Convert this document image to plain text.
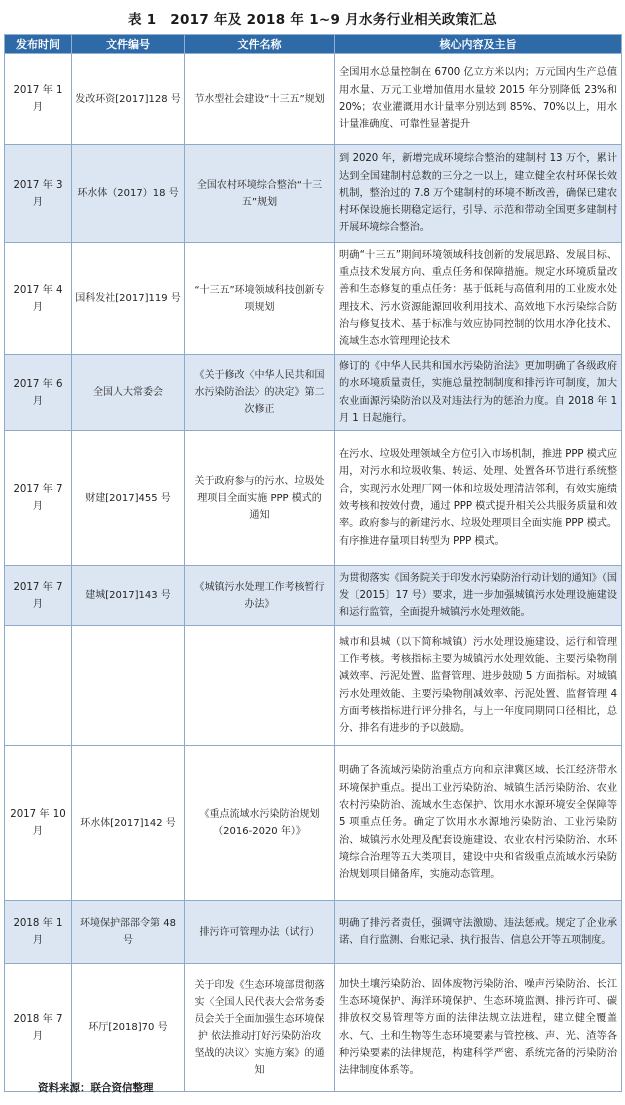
表 1　2017 年及 2018 年 1~9 月水务行业相关政策汇总
发布时间	文件编号	文件名称	核心内容及主旨
2017 年 1 月	发改环资[2017]128 号	节水型社会建设“十三五”规划	全国用水总量控制在 6700 亿立方米以内；万元国内生产总值用水量、万元工业增加值用水量较 2015 年分别降低 23%和 20%；农业灌溉用水计量率分别达到 85%、70%以上，用水计量准确度、可靠性显著提升
2017 年 3 月	环水体（2017）18 号	全国农村环境综合整治“十三五”规划	到 2020 年，新增完成环境综合整治的建制村 13 万个，累计达到全国建制村总数的三分之一以上，建立健全农村环保长效机制，整治过的 7.8 万个建制村的环境不断改善，确保已建农村环保设施长期稳定运行，引导、示范和带动全国更多建制村开展环境综合整治。
2017 年 4 月	国科发社[2017]119 号	“十三五”环境领域科技创新专项规划	明确“十三五”期间环境领域科技创新的发展思路、发展目标、重点技术发展方向、重点任务和保障措施。规定水环境质量改善和生态修复的重点任务：基于低耗与高值利用的工业废水处理技术、污水资源能源回收利用技术、高效地下水污染综合防治与修复技术、基于标准与效应协同控制的饮用水净化技术、流域生态水管理理论技术
2017 年 6 月	全国人大常委会	《关于修改〈中华人民共和国水污染防治法〉的决定》第二次修正	修订的《中华人民共和国水污染防治法》更加明确了各级政府的水环境质量责任，实施总量控制制度和排污许可制度，加大农业面源污染防治以及对违法行为的惩治力度。自 2018 年 1 月 1 日起施行。
2017 年 7 月	财建[2017]455 号	关于政府参与的污水、垃圾处理项目全面实施 PPP 模式的通知	在污水、垃圾处理领域全方位引入市场机制，推进 PPP 模式应用，对污水和垃圾收集、转运、处理、处置各环节进行系统整合，实现污水处理厂网一体和垃圾处理清洁邻利，有效实施绩效考核和按效付费，通过 PPP 模式提升相关公共服务质量和效率。政府参与的新建污水、垃圾处理项目全面实施 PPP 模式。有序推进存量项目转型为 PPP 模式。
2017 年 7 月	建城[2017]143 号	《城镇污水处理工作考核暂行办法》	为贯彻落实《国务院关于印发水污染防治行动计划的通知》（国发〔2015〕17 号）要求，进一步加强城镇污水处理设施建设和运行监管，全面提升城镇污水处理效能。
			城市和县城（以下简称城镇）污水处理设施建设、运行和管理工作考核。考核指标主要为城镇污水处理效能、主要污染物削减效率、污泥处置、监督管理、进步鼓励 5 方面指标。对城镇污水处理效能、主要污染物削减效率、污泥处置、监督管理 4 方面考核指标进行评分排名，与上一年度同期同口径相比，总分、排名有进步的予以鼓励。
2017 年 10 月	环水体[2017]142 号	《重点流域水污染防治规划（2016-2020 年）》	明确了各流域污染防治重点方向和京津冀区域、长江经济带水环境保护重点。提出工业污染防治、城镇生活污染防治、农业农村污染防治、流域水生态保护、饮用水水源环境安全保障等 5 项重点任务。确定了饮用水水源地污染防治、工业污染防治、城镇污水处理及配套设施建设、农业农村污染防治、水环境综合治理等五大类项目，建设中央和省级重点流域水污染防治规划项目储备库，实施动态管理。
2018 年 1 月	环境保护部部令第 48 号	排污许可管理办法（试行）	明确了排污者责任，强调守法激励、违法惩戒。规定了企业承诺、自行监测、台账记录、执行报告、信息公开等五项制度。
2018 年 7 月	环厅[2018]70 号	关于印发《生态环境部贯彻落实〈全国人民代表大会常务委员会关于全面加强生态环境保护 依法推动打好污染防治攻坚战的决议〉实施方案》的通知	加快土壤污染防治、固体废物污染防治、噪声污染防治、长江生态环境保护、海洋环境保护、生态环境监测、排污许可、碳排放权交易管理等方面的法律法规立法进程，建立健全覆盖水、气、土和生物等生态环境要素与管控核、声、光、渣等各种污染要素的法律规范，构建科学严密、系统完备的污染防治法律制度体系等。
资料来源：联合资信整理
